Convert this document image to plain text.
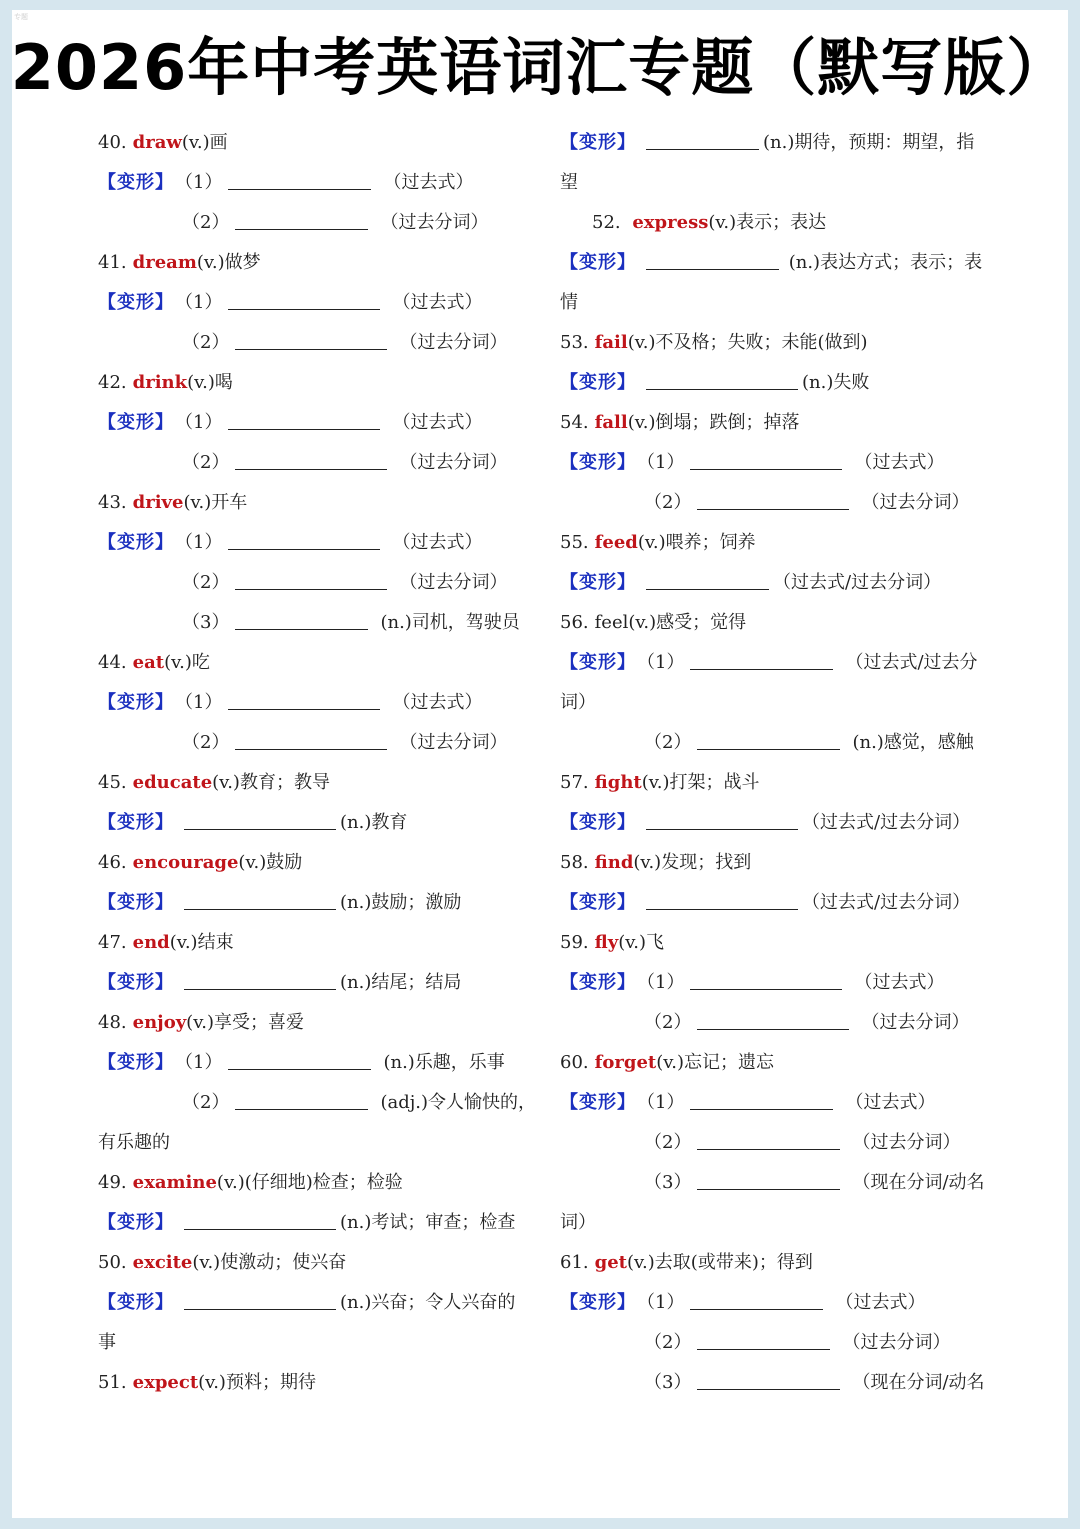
专题
2026年中考英语词汇专题（默写版）
40. draw(v.)画
【变形】 （1）	（过去式）
（2）	（过去分词）
41. dream(v.)做梦
【变形】 （1）	（过去式）
（2）	（过去分词）
42. drink(v.)喝
【变形】 （1）	（过去式）
（2）	（过去分词）
43. drive(v.)开车
【变形】 （1）	（过去式）
（2）	（过去分词）
（3）	(n.)司机，驾驶员
44. eat(v.)吃
【变形】 （1）	（过去式）
（2）	（过去分词）
45. educate(v.)教育；教导
【变形】	(n.)教育
46. encourage(v.)鼓励
【变形】	(n.)鼓励；激励
47. end(v.)结束
【变形】	(n.)结尾；结局
48. enjoy(v.)享受；喜爱
【变形】 （1）	(n.)乐趣，乐事
（2）	(adj.)令人愉快的，
有乐趣的
49. examine(v.)(仔细地)检查；检验
【变形】	(n.)考试；审查；检查
50. excite(v.)使激动；使兴奋
【变形】	(n.)兴奋；令人兴奋的
事
51. expect(v.)预料；期待
【变形】	(n.)期待，预期：期望，指
望
52. express(v.)表示；表达
【变形】	(n.)表达方式；表示；表
情
53. fail(v.)不及格；失败；未能(做到)
【变形】	(n.)失败
54. fall(v.)倒塌；跌倒；掉落
【变形】 （1）	（过去式）
（2）	（过去分词）
55. feed(v.)喂养；饲养
【变形】	（过去式/过去分词）
56. feel(v.)感受；觉得
【变形】 （1）	（过去式/过去分
词）
（2）	(n.)感觉，感触
57. fight(v.)打架；战斗
【变形】	（过去式/过去分词）
58. find(v.)发现；找到
【变形】	（过去式/过去分词）
59. fly(v.)飞
【变形】 （1）	（过去式）
（2）	（过去分词）
60. forget(v.)忘记；遗忘
【变形】 （1）	（过去式）
（2）	（过去分词）
（3）	（现在分词/动名
词）
61. get(v.)去取(或带来)；得到
【变形】 （1）	（过去式）
（2）	（过去分词）
（3）	（现在分词/动名
